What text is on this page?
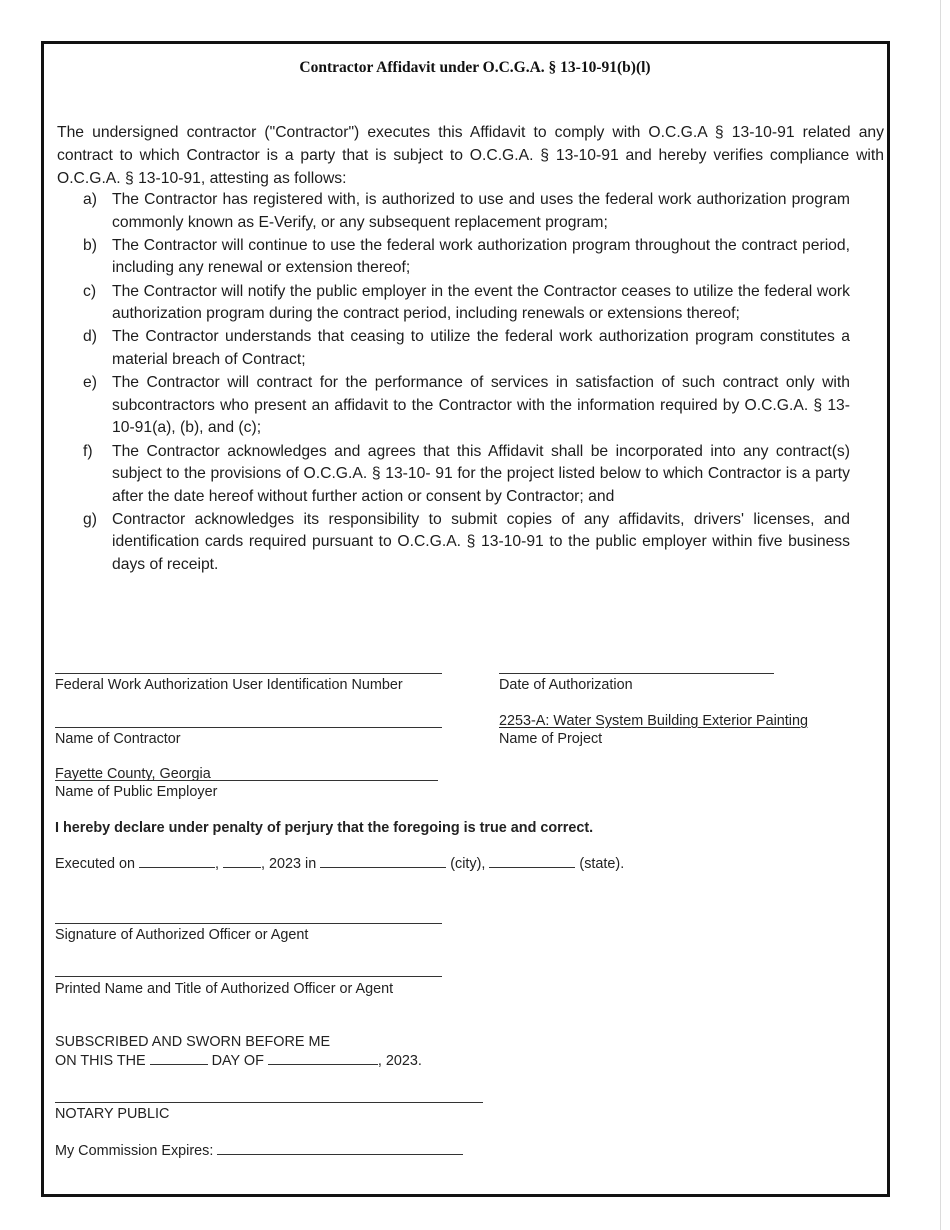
Contractor Affidavit under O.C.G.A. § 13-10-91(b)(l)
The undersigned contractor ("Contractor") executes this Affidavit to comply with O.C.G.A § 13-10-91 related any contract to which Contractor is a party that is subject to O.C.G.A. § 13-10-91 and hereby verifies compliance with O.C.G.A. § 13-10-91, attesting as follows:
a) The Contractor has registered with, is authorized to use and uses the federal work authorization program commonly known as E-Verify, or any subsequent replacement program;
b) The Contractor will continue to use the federal work authorization program throughout the contract period, including any renewal or extension thereof;
c) The Contractor will notify the public employer in the event the Contractor ceases to utilize the federal work authorization program during the contract period, including renewals or extensions thereof;
d) The Contractor understands that ceasing to utilize the federal work authorization program constitutes a material breach of Contract;
e) The Contractor will contract for the performance of services in satisfaction of such contract only with subcontractors who present an affidavit to the Contractor with the information required by O.C.G.A. § 13-10-91(a), (b), and (c);
f) The Contractor acknowledges and agrees that this Affidavit shall be incorporated into any contract(s) subject to the provisions of O.C.G.A. § 13-10- 91 for the project listed below to which Contractor is a party after the date hereof without further action or consent by Contractor; and
g) Contractor acknowledges its responsibility to submit copies of any affidavits, drivers' licenses, and identification cards required pursuant to O.C.G.A. § 13-10-91 to the public employer within five business days of receipt.
Federal Work Authorization User Identification Number	Date of Authorization
Name of Contractor
2253-A: Water System Building Exterior Painting
Name of Project
Fayette County, Georgia
Name of Public Employer
I hereby declare under penalty of perjury that the foregoing is true and correct.
Executed on	,	, 2023 in	(city),	(state).
Signature of Authorized Officer or Agent
Printed Name and Title of Authorized Officer or Agent
SUBSCRIBED AND SWORN BEFORE ME
ON THIS THE	DAY OF	, 2023.
NOTARY PUBLIC
My Commission Expires:
